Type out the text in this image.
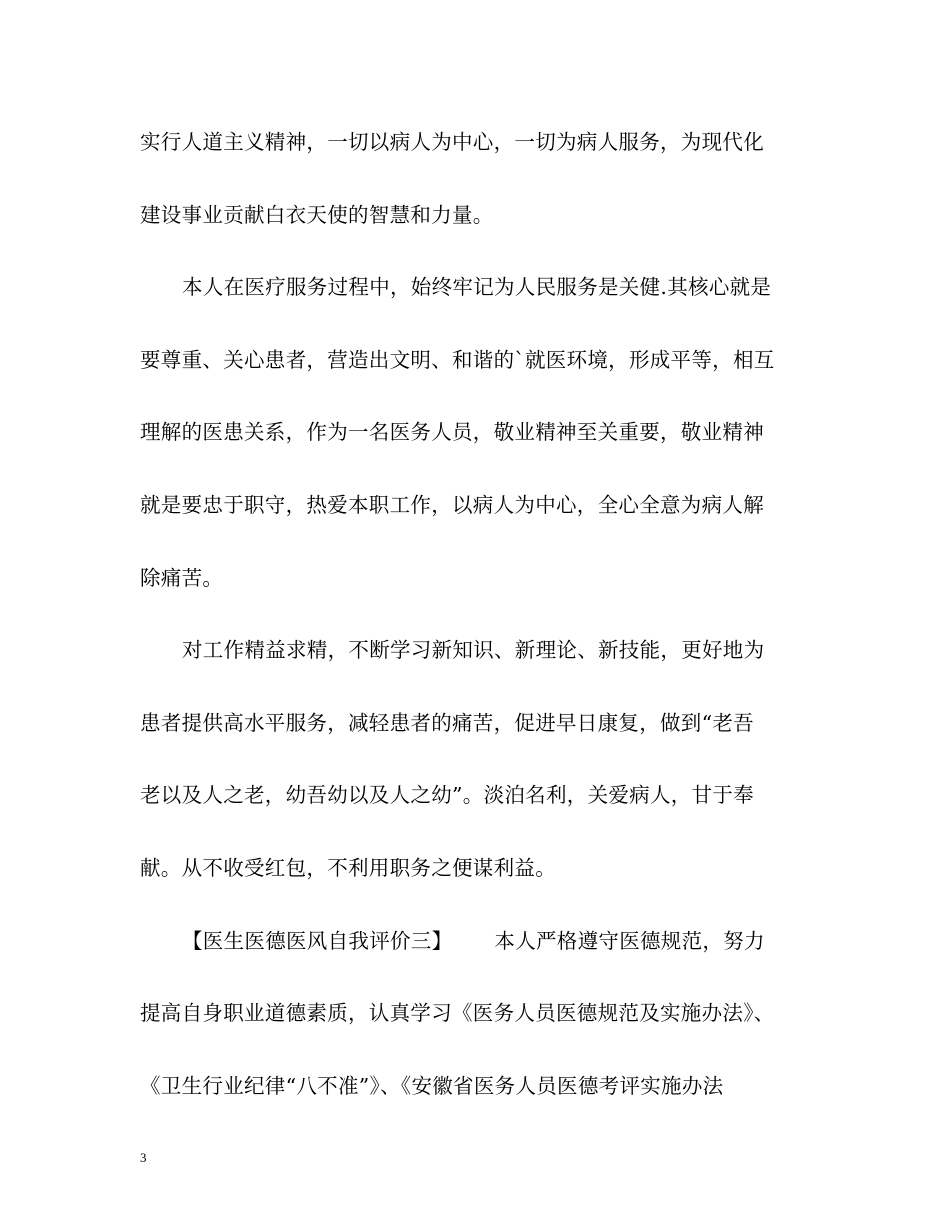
实行人道主义精神，一切以病人为中心，一切为病人服务，为现代化
建设事业贡献白衣天使的智慧和力量。
本人在医疗服务过程中，始终牢记为人民服务是关健.其核心就是
要尊重、关心患者，营造出文明、和谐的`就医环境，形成平等，相互
理解的医患关系，作为一名医务人员，敬业精神至关重要，敬业精神
就是要忠于职守，热爱本职工作，以病人为中心，全心全意为病人解
除痛苦。
对工作精益求精，不断学习新知识、新理论、新技能，更好地为
患者提供高水平服务，减轻患者的痛苦，促进早日康复，做到“老吾
老以及人之老，幼吾幼以及人之幼”。淡泊名利，关爱病人，甘于奉
献。从不收受红包，不利用职务之便谋利益。
【医生医德医风自我评价三】 本人严格遵守医德规范，努力
提高自身职业道德素质，认真学习《医务人员医德规范及实施办法》、
《卫生行业纪律“八不准”》、《安徽省医务人员医德考评实施办法
3
